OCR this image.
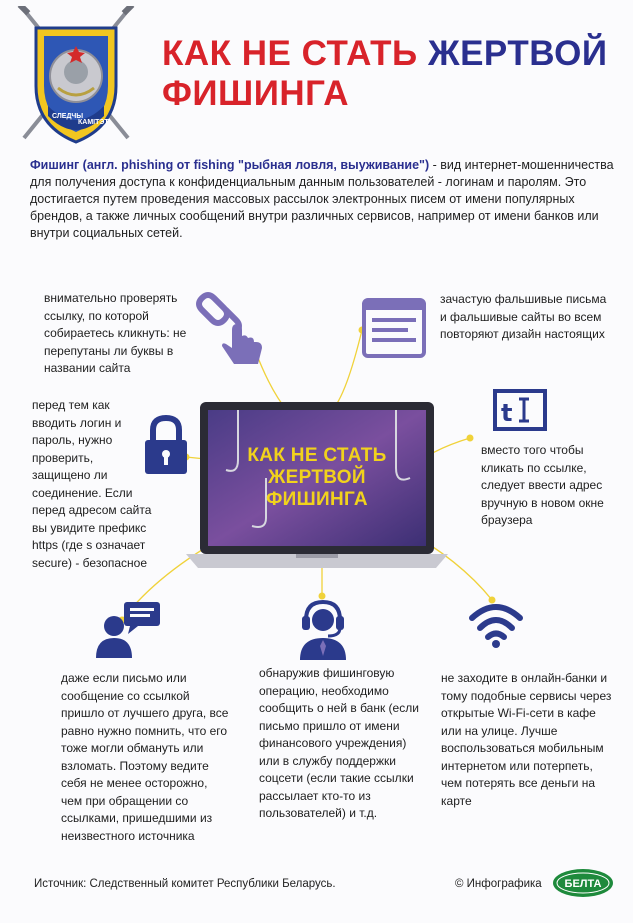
СЛЕДЧЫ
КАМІТЭТ
КАК НЕ СТАТЬ ЖЕРТВОЙ
ФИШИНГА
Фишинг (англ. phishing от fishing "рыбная ловля, выуживание") - вид интернет-мошенничества для получения доступа к конфиденциальным данным пользователей - логинам и паролям. Это достигается путем проведения массовых рассылок электронных писем от имени популярных брендов, а также личных сообщений внутри различных сервисов, например от имени банков или внутри социальных сетей.
внимательно проверять ссылку, по которой собираетесь кликнуть: не перепутаны ли буквы в названии сайта
зачастую фальшивые письма и фальшивые сайты во всем повторяют дизайн настоящих
перед тем как вводить логин и пароль, нужно проверить, защищено ли соединение. Если перед адресом сайта вы увидите префикс https (где s означает secure) - безопасное
КАК НЕ СТАТЬ
ЖЕРТВОЙ
ФИШИНГА
t
вместо того чтобы кликать по ссылке, следует ввести адрес вручную в новом окне браузера
даже если письмо или сообщение со ссылкой пришло от лучшего друга, все равно нужно помнить, что его тоже могли обмануть или взломать. Поэтому ведите себя не менее осторожно, чем при обращении со ссылками, пришедшими из неизвестного источника
обнаружив фишинговую операцию, необходимо сообщить о ней в банк (если письмо пришло от имени финансового учреждения) или в службу поддержки соцсети (если такие ссылки рассылает кто-то из пользователей) и т.д.
не заходите в онлайн-банки и тому подобные сервисы через открытые Wi-Fi-сети в кафе или на улице. Лучше воспользоваться мобильным интернетом или потерпеть, чем потерять все деньги на карте
Источник: Следственный комитет Республики Беларусь.	© Инфографика БЕЛТА
